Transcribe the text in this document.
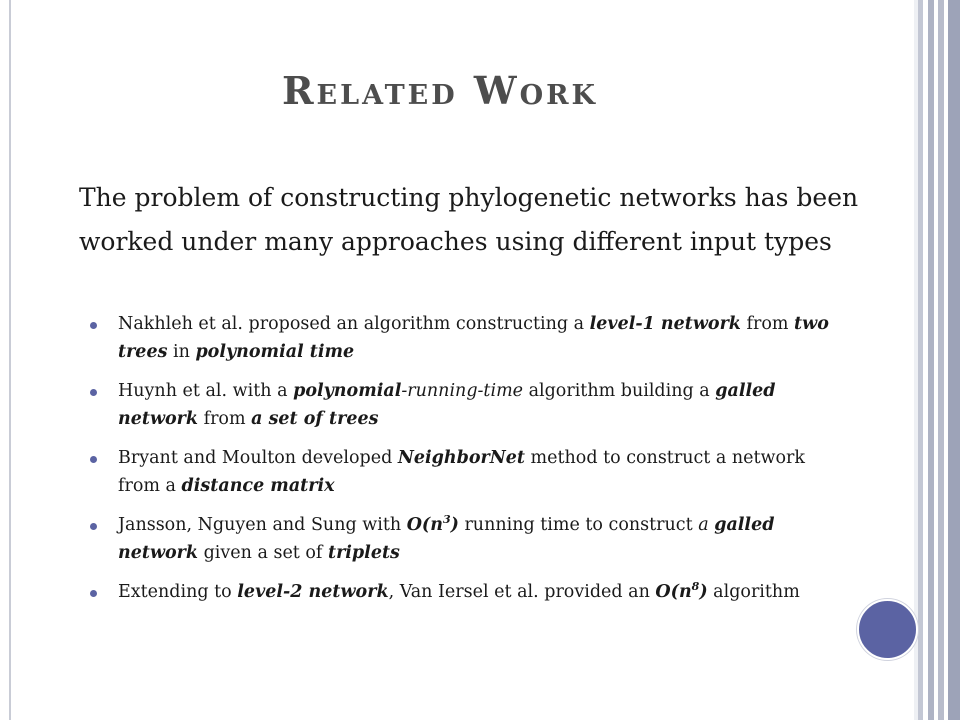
Related Work

The problem of constructing phylogenetic networks has been worked under many approaches using different input types

Nakhleh et al. proposed an algorithm constructing a level-1 network from two trees in polynomial time
Huynh et al. with a polynomial-running-time algorithm building a galled network from a set of trees
Bryant and Moulton developed NeighborNet method to construct a network from a distance matrix
Jansson, Nguyen and Sung with $O(n^3)$ running time to construct a galled network given a set of triplets
Extending to level-2 network, Van Iersel et al. provided an $O(n^8)$ algorithm
